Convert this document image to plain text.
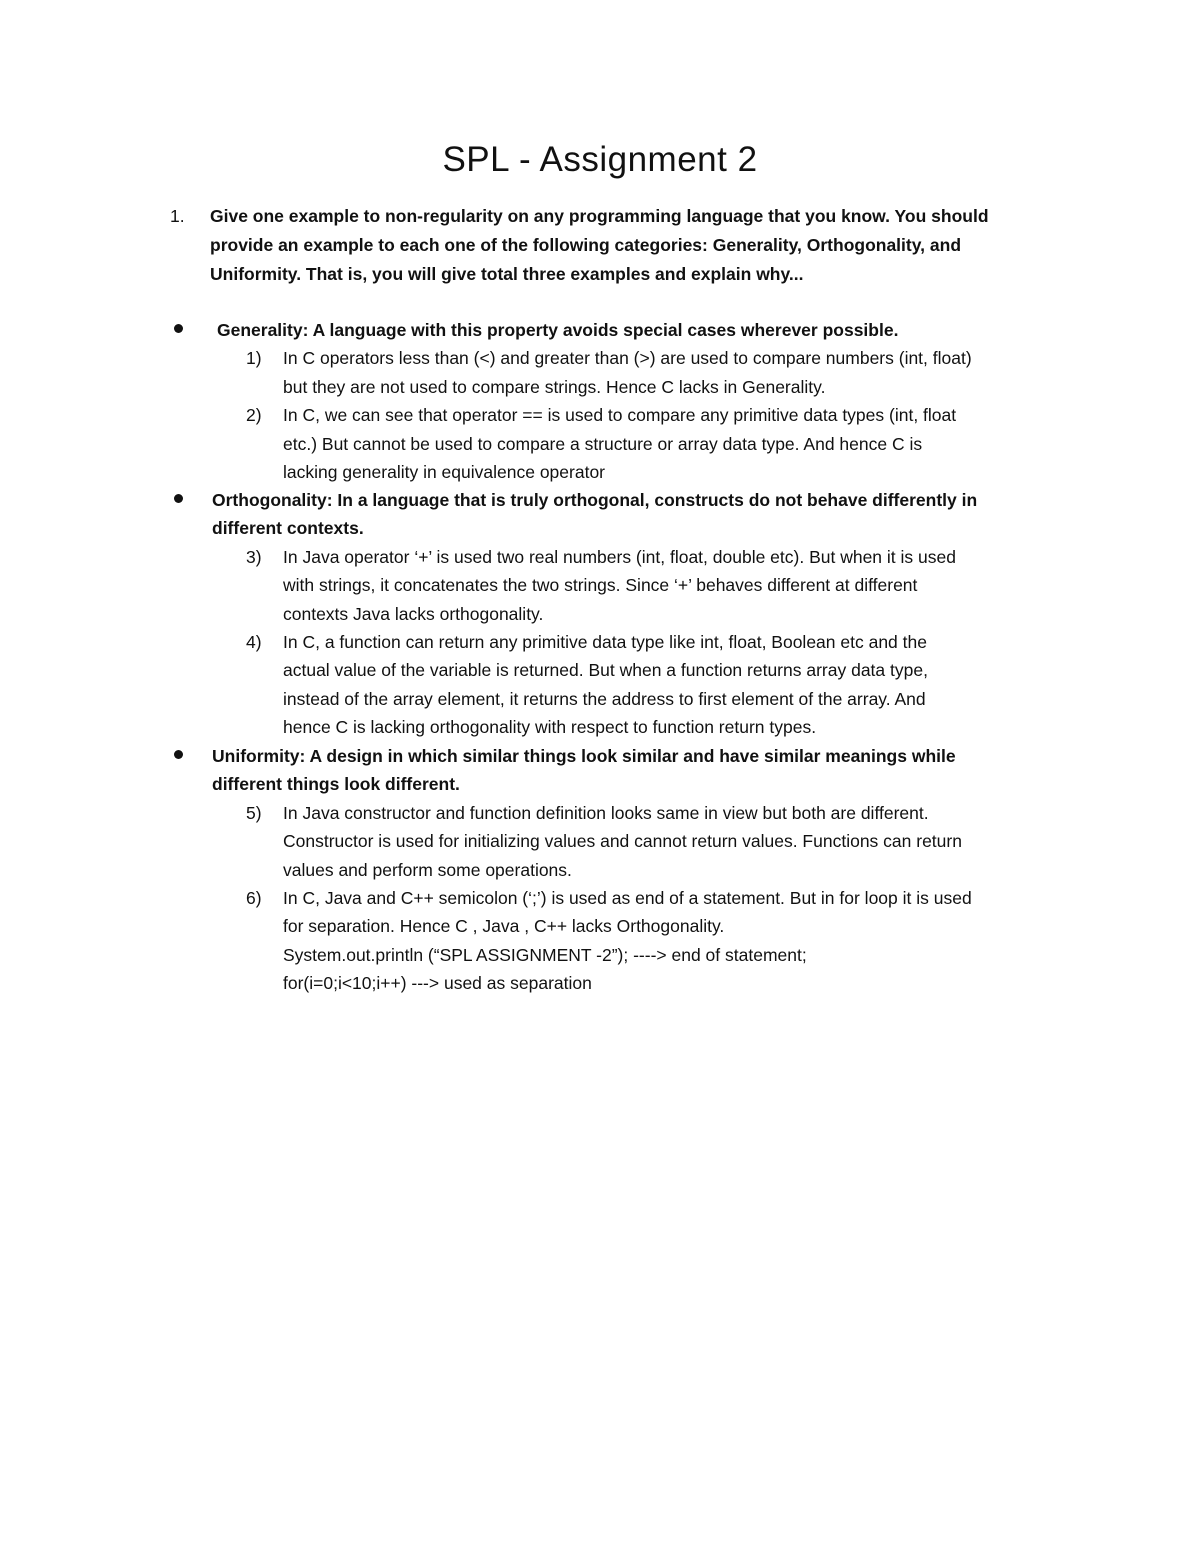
SPL - Assignment 2
1. Give one example to non-regularity on any programming language that you know. You should
provide an example to each one of the following categories: Generality, Orthogonality, and
Uniformity. That is, you will give total three examples and explain why...
Generality: A language with this property avoids special cases wherever possible.
1) In C operators less than (<) and greater than (>) are used to compare numbers (int, float)
but they are not used to compare strings. Hence C lacks in Generality.
2) In C, we can see that operator == is used to compare any primitive data types (int, float
etc.) But cannot be used to compare a structure or array data type. And hence C is
lacking generality in equivalence operator
Orthogonality: In a language that is truly orthogonal, constructs do not behave differently in
different contexts.
3) In Java operator ‘+’ is used two real numbers (int, float, double etc). But when it is used
with strings, it concatenates the two strings. Since ‘+’ behaves different at different
contexts Java lacks orthogonality.
4) In C, a function can return any primitive data type like int, float, Boolean etc and the
actual value of the variable is returned. But when a function returns array data type,
instead of the array element, it returns the address to first element of the array. And
hence C is lacking orthogonality with respect to function return types.
Uniformity: A design in which similar things look similar and have similar meanings while
different things look different.
5) In Java constructor and function definition looks same in view but both are different.
Constructor is used for initializing values and cannot return values. Functions can return
values and perform some operations.
6) In C, Java and C++ semicolon (‘;’) is used as end of a statement. But in for loop it is used
for separation. Hence C , Java , C++ lacks Orthogonality.
System.out.println (“SPL ASSIGNMENT -2”); ----> end of statement;
for(i=0;i<10;i++) ---> used as separation
